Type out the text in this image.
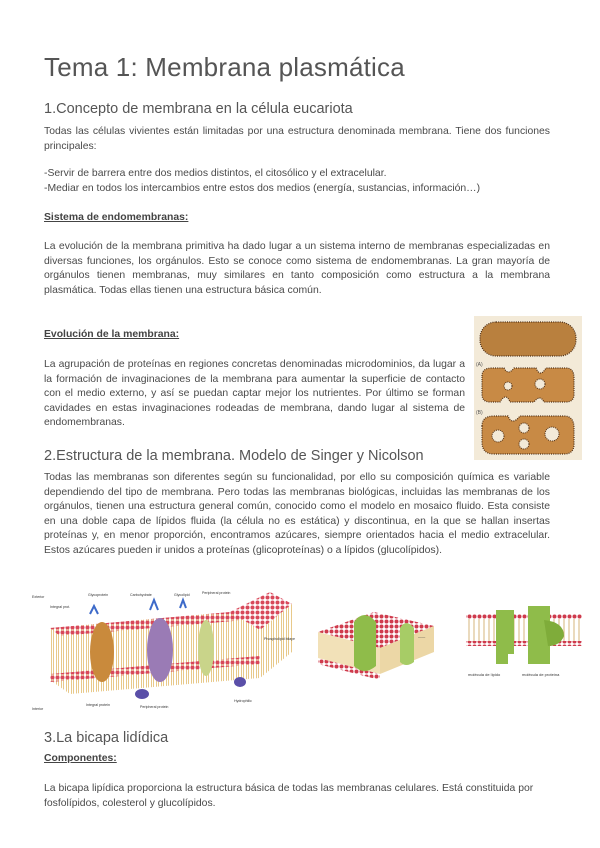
Tema 1: Membrana plasmática
1.Concepto de membrana en la célula eucariota

Todas las células vivientes están limitadas por una estructura denominada membrana. Tiene dos funciones principales:

-Servir de barrera entre dos medios distintos, el citosólico y el extracelular.

-Mediar en todos los intercambios entre estos dos medios (energía, sustancias, información…)

Sistema de endomembranas:

La evolución de la membrana primitiva ha dado lugar a un sistema interno de membranas especializadas en diversas funciones, los orgánulos. Esto se conoce como sistema de endomembranas. La gran mayoría de orgánulos tienen membranas, muy similares en tanto composición como estructura a la membrana plasmática. Todas ellas tienen una estructura básica común.

Evolución de la membrana:

La agrupación de proteínas en regiones concretas denominadas microdominios, da lugar a la formación de invaginaciones de la membrana para aumentar la superficie de contacto con el medio externo, y así se puedan captar mejor los nutrientes. Por último se forman cavidades en estas invaginaciones rodeadas de membrana, dando lugar al sistema de endomembranas.

(A)
(B)
2.Estructura de la membrana. Modelo de Singer y Nicolson

Todas las membranas son diferentes según su funcionalidad, por ello su composición química es variable dependiendo del tipo de membrana. Pero todas las membranas biológicas, incluidas las membranas de los orgánulos, tienen una estructura general común, conocido como el modelo en mosaico fluido. Esta consiste en una doble capa de lípidos fluida (la célula no es estática) y discontinua, en la que se hallan insertas proteínas y, en menor proporción, encontramos azúcares, siempre orientados hacia el medio extracelular. Estos azúcares pueden ir unidos a proteínas (glicoproteínas) o a lípidos (glucolípidos).

Exterior
Integral prot.
Glycoprotein	Carbohydrate	Glycolipid	Peripheral protein
Phospholipid bilayer
Interior
Integral protein	Peripheral protein
Hydrophilic
——
molécula de lípido	molécula de proteína
3.La bicapa lidídica

Componentes:

La bicapa lipídica proporciona la estructura básica de todas las membranas celulares. Está constituida por fosfolípidos, colesterol y glucolípidos.
